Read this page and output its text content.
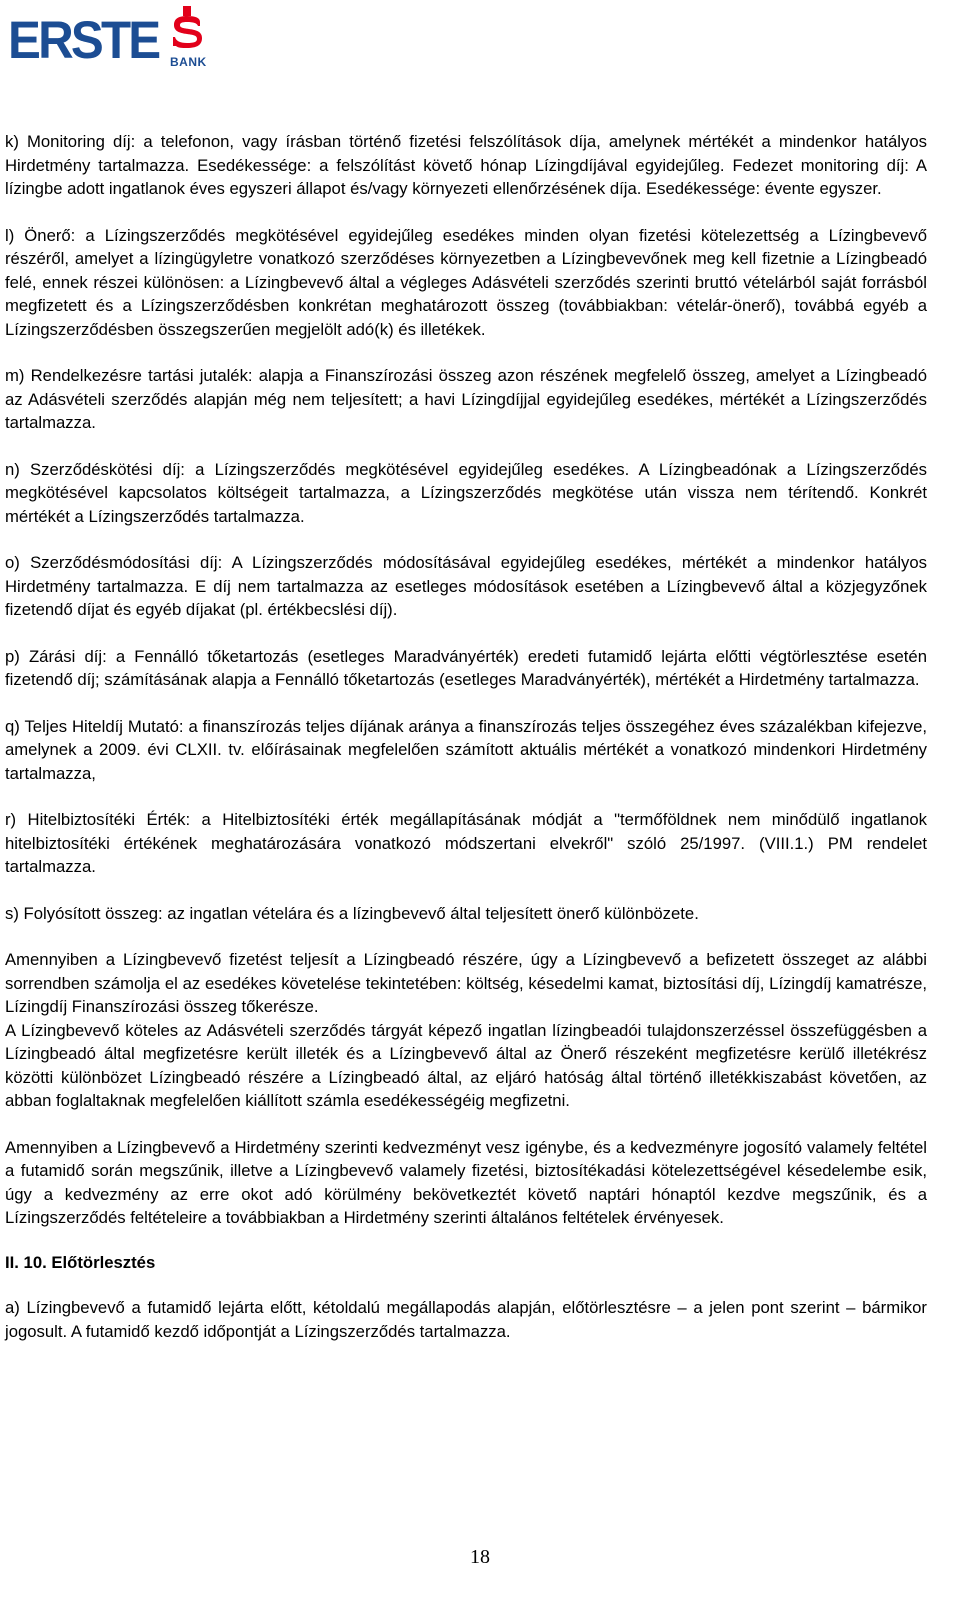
ERSTE BANK

k) Monitoring díj: a telefonon, vagy írásban történő fizetési felszólítások díja, amelynek mértékét a mindenkor hatályos Hirdetmény tartalmazza. Esedékessége: a felszólítást követő hónap Lízingdíjával egyidejűleg. Fedezet monitoring díj: A lízingbe adott ingatlanok éves egyszeri állapot és/vagy környezeti ellenőrzésének díja. Esedékessége: évente egyszer.

l) Önerő: a Lízingszerződés megkötésével egyidejűleg esedékes minden olyan fizetési kötelezettség a Lízingbevevő részéről, amelyet a lízingügyletre vonatkozó szerződéses környezetben a Lízingbevevőnek meg kell fizetnie a Lízingbeadó felé, ennek részei különösen: a Lízingbevevő által a végleges Adásvételi szerződés szerinti bruttó vételárból saját forrásból megfizetett és a Lízingszerződésben konkrétan meghatározott összeg (továbbiakban: vételár-önerő), továbbá egyéb a Lízingszerződésben összegszerűen megjelölt adó(k) és illetékek.

m) Rendelkezésre tartási jutalék: alapja a Finanszírozási összeg azon részének megfelelő összeg, amelyet a Lízingbeadó az Adásvételi szerződés alapján még nem teljesített; a havi Lízingdíjjal egyidejűleg esedékes, mértékét a Lízingszerződés tartalmazza.

n) Szerződéskötési díj: a Lízingszerződés megkötésével egyidejűleg esedékes. A Lízingbeadónak a Lízingszerződés megkötésével kapcsolatos költségeit tartalmazza, a Lízingszerződés megkötése után vissza nem térítendő. Konkrét mértékét a Lízingszerződés tartalmazza.

o) Szerződésmódosítási díj: A Lízingszerződés módosításával egyidejűleg esedékes, mértékét a mindenkor hatályos Hirdetmény tartalmazza. E díj nem tartalmazza az esetleges módosítások esetében a Lízingbevevő által a közjegyzőnek fizetendő díjat és egyéb díjakat (pl. értékbecslési díj).

p) Zárási díj: a Fennálló tőketartozás (esetleges Maradványérték) eredeti futamidő lejárta előtti végtörlesztése esetén fizetendő díj; számításának alapja a Fennálló tőketartozás (esetleges Maradványérték), mértékét a Hirdetmény tartalmazza.

q) Teljes Hiteldíj Mutató: a finanszírozás teljes díjának aránya a finanszírozás teljes összegéhez éves százalékban kifejezve, amelynek a 2009. évi CLXII. tv. előírásainak megfelelően számított aktuális mértékét a vonatkozó mindenkori Hirdetmény tartalmazza,

r) Hitelbiztosítéki Érték: a Hitelbiztosítéki érték megállapításának módját a "termőföldnek nem minődülő ingatlanok hitelbiztosítéki értékének meghatározására vonatkozó módszertani elvekről" szóló 25/1997. (VIII.1.) PM rendelet tartalmazza.

s) Folyósított összeg: az ingatlan vételára és a lízingbevevő által teljesített önerő különbözete.

Amennyiben a Lízingbevevő fizetést teljesít a Lízingbeadó részére, úgy a Lízingbevevő a befizetett összeget az alábbi sorrendben számolja el az esedékes követelése tekintetében: költség, késedelmi kamat, biztosítási díj, Lízingdíj kamatrésze, Lízingdíj Finanszírozási összeg tőkerésze.

A Lízingbevevő köteles az Adásvételi szerződés tárgyát képező ingatlan lízingbeadói tulajdonszerzéssel összefüggésben a Lízingbeadó által megfizetésre került illeték és a Lízingbevevő által az Önerő részeként megfizetésre kerülő illetékrész közötti különbözet Lízingbeadó részére a Lízingbeadó által, az eljáró hatóság által történő illetékkiszabást követően, az abban foglaltaknak megfelelően kiállított számla esedékességéig megfizetni.

Amennyiben a Lízingbevevő a Hirdetmény szerinti kedvezményt vesz igénybe, és a kedvezményre jogosító valamely feltétel a futamidő során megszűnik, illetve a Lízingbevevő valamely fizetési, biztosítékadási kötelezettségével késedelembe esik, úgy a kedvezmény az erre okot adó körülmény bekövetkeztét követő naptári hónaptól kezdve megszűnik, és a Lízingszerződés feltételeire a továbbiakban a Hirdetmény szerinti általános feltételek érvényesek.

II. 10. Előtörlesztés

a) Lízingbevevő a futamidő lejárta előtt, kétoldalú megállapodás alapján, előtörlesztésre – a jelen pont szerint – bármikor jogosult. A futamidő kezdő időpontját a Lízingszerződés tartalmazza.

18
